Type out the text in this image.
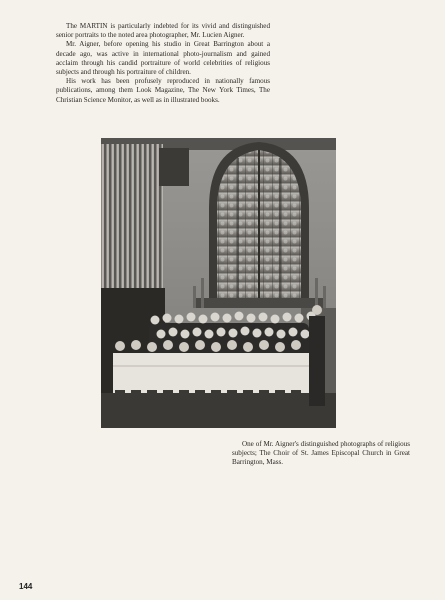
The MARTIN is particularly indebted for its vivid and distinguished senior portraits to the noted area photographer, Mr. Lucien Aigner.

Mr. Aigner, before opening his studio in Great Barrington about a decade ago, was active in international photo-journalism and gained acclaim through his candid portraiture of world celebrities of religious subjects and through his portraiture of children.

His work has been profusely reproduced in nationally famous publications, among them Look Magazine, The New York Times, The Christian Science Monitor, as well as in illustrated books.

One of Mr. Aigner's distinguished photographs of religious subjects; The Choir of St. James Episcopal Church in Great Barrington, Mass.

144
